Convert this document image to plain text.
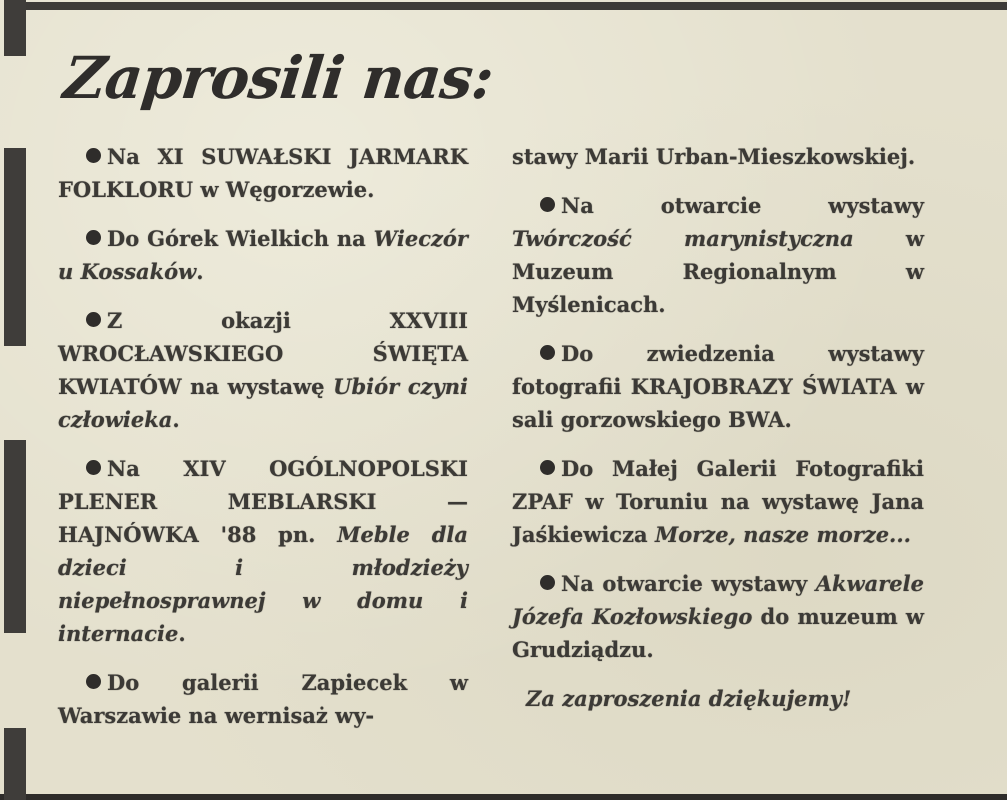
Zaprosili nas:

Na XI SUWAŁSKI JARMARK FOLKLORU w Węgorzewie.

Do Górek Wielkich na Wieczór u Kossaków.

Z okazji XXVIII WROCŁAWSKIEGO ŚWIĘTA KWIATÓW na wystawę Ubiór czyni człowieka.

Na XIV OGÓLNOPOLSKI PLENER MEBLARSKI — HAJNÓWKA '88 pn. Meble dla dzieci i młodzieży niepełnosprawnej w domu i internacie.

Do galerii Zapiecek w Warszawie na wernisaż wy-

stawy Marii Urban-Mieszkowskiej.

Na otwarcie wystawy Twórczość marynistyczna w Muzeum Regionalnym w Myślenicach.

Do zwiedzenia wystawy fotografii KRAJOBRAZY ŚWIATA w sali gorzowskiego BWA.

Do Małej Galerii Fotografiki ZPAF w Toruniu na wystawę Jana Jaśkiewicza Morze, nasze morze...

Na otwarcie wystawy Akwarele Józefa Kozłowskiego do muzeum w Grudziądzu.

Za zaproszenia dziękujemy!
